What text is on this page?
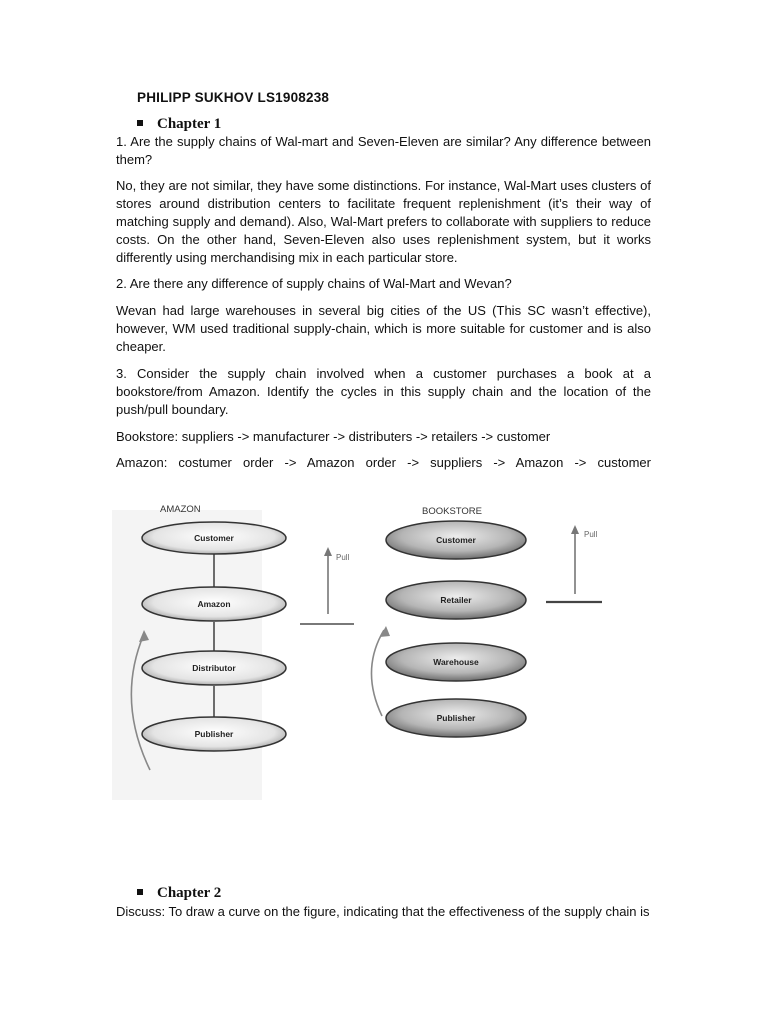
PHILIPP SUKHOV LS1908238
Chapter 1
1. Are the supply chains of Wal-mart and Seven-Eleven are similar? Any difference between them?
No, they are not similar, they have some distinctions. For instance, Wal-Mart uses clusters of stores around distribution centers to facilitate frequent replenishment (it’s their way of matching supply and demand). Also, Wal-Mart prefers to collaborate with suppliers to reduce costs. On the other hand, Seven-Eleven also uses replenishment system, but it works differently using merchandising mix in each particular store.
2. Are there any difference of supply chains of Wal-Mart and Wevan?
Wevan had large warehouses in several big cities of the US (This SC wasn’t effective), however, WM used traditional supply-chain, which is more suitable for customer and is also cheaper.
3. Consider the supply chain involved when a customer purchases a book at a bookstore/from Amazon. Identify the cycles in this supply chain and the location of the push/pull boundary.
Bookstore: suppliers -> manufacturer -> distributers -> retailers -> customer
Amazon: costumer order -> Amazon order -> suppliers -> Amazon -> customer
AMAZON	BOOKSTORE
Customer
Amazon
Distributor
Publisher
Pull
Customer
Retailer
Warehouse
Publisher
Pull
Chapter 2
Discuss: To draw a curve on the figure, indicating that the effectiveness of the supply chain is
